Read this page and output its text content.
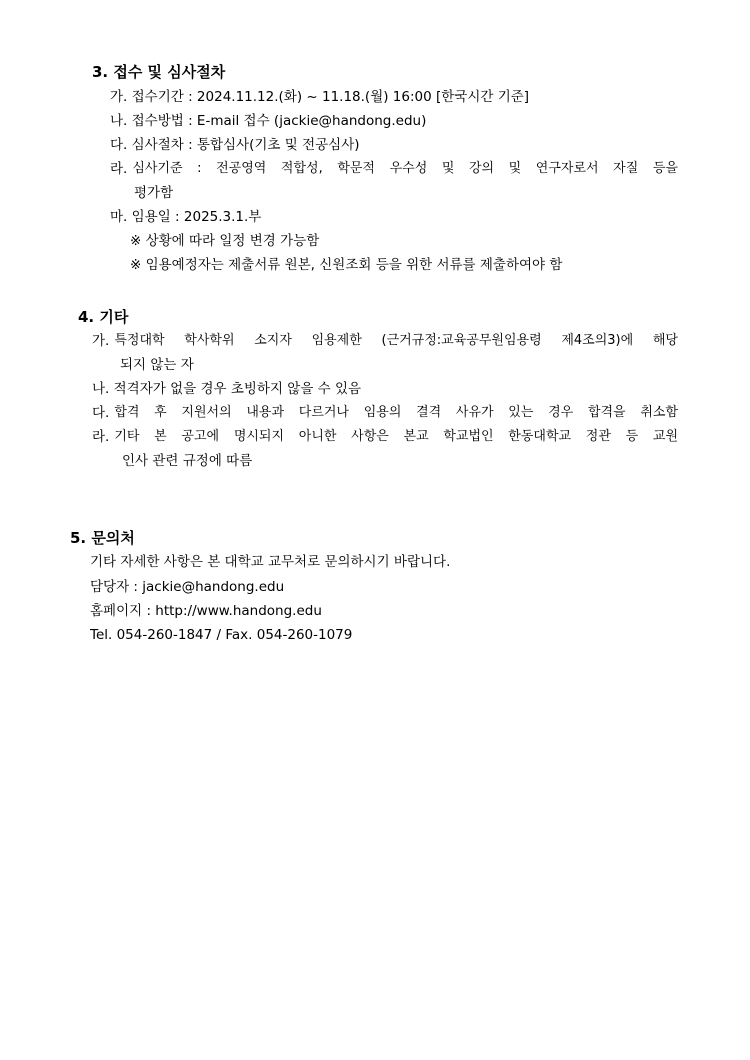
3. 접수 및 심사절차
가. 접수기간 : 2024.11.12.(화) ~ 11.18.(월) 16:00 [한국시간 기준]
나. 접수방법 : E-mail 접수 (jackie@handong.edu)
다. 심사절차 : 통합심사(기초 및 전공심사)
라. 심사기준 : 전공영역 적합성, 학문적 우수성 및 강의 및 연구자로서 자질 등을
평가함
마. 임용일 : 2025.3.1.부
※ 상황에 따라 일정 변경 가능함
※ 임용예정자는 제출서류 원본, 신원조회 등을 위한 서류를 제출하여야 함
4. 기타
가. 특정대학 학사학위 소지자 임용제한 (근거규정:교육공무원임용령 제4조의3)에 해당
되지 않는 자
나. 적격자가 없을 경우 초빙하지 않을 수 있음
다. 합격 후 지원서의 내용과 다르거나 임용의 결격 사유가 있는 경우 합격을 취소함
라. 기타 본 공고에 명시되지 아니한 사항은 본교 학교법인 한동대학교 정관 등 교원
인사 관련 규정에 따름
5. 문의처
기타 자세한 사항은 본 대학교 교무처로 문의하시기 바랍니다.
담당자 : jackie@handong.edu
홈페이지 : http://www.handong.edu
Tel. 054-260-1847 / Fax. 054-260-1079
